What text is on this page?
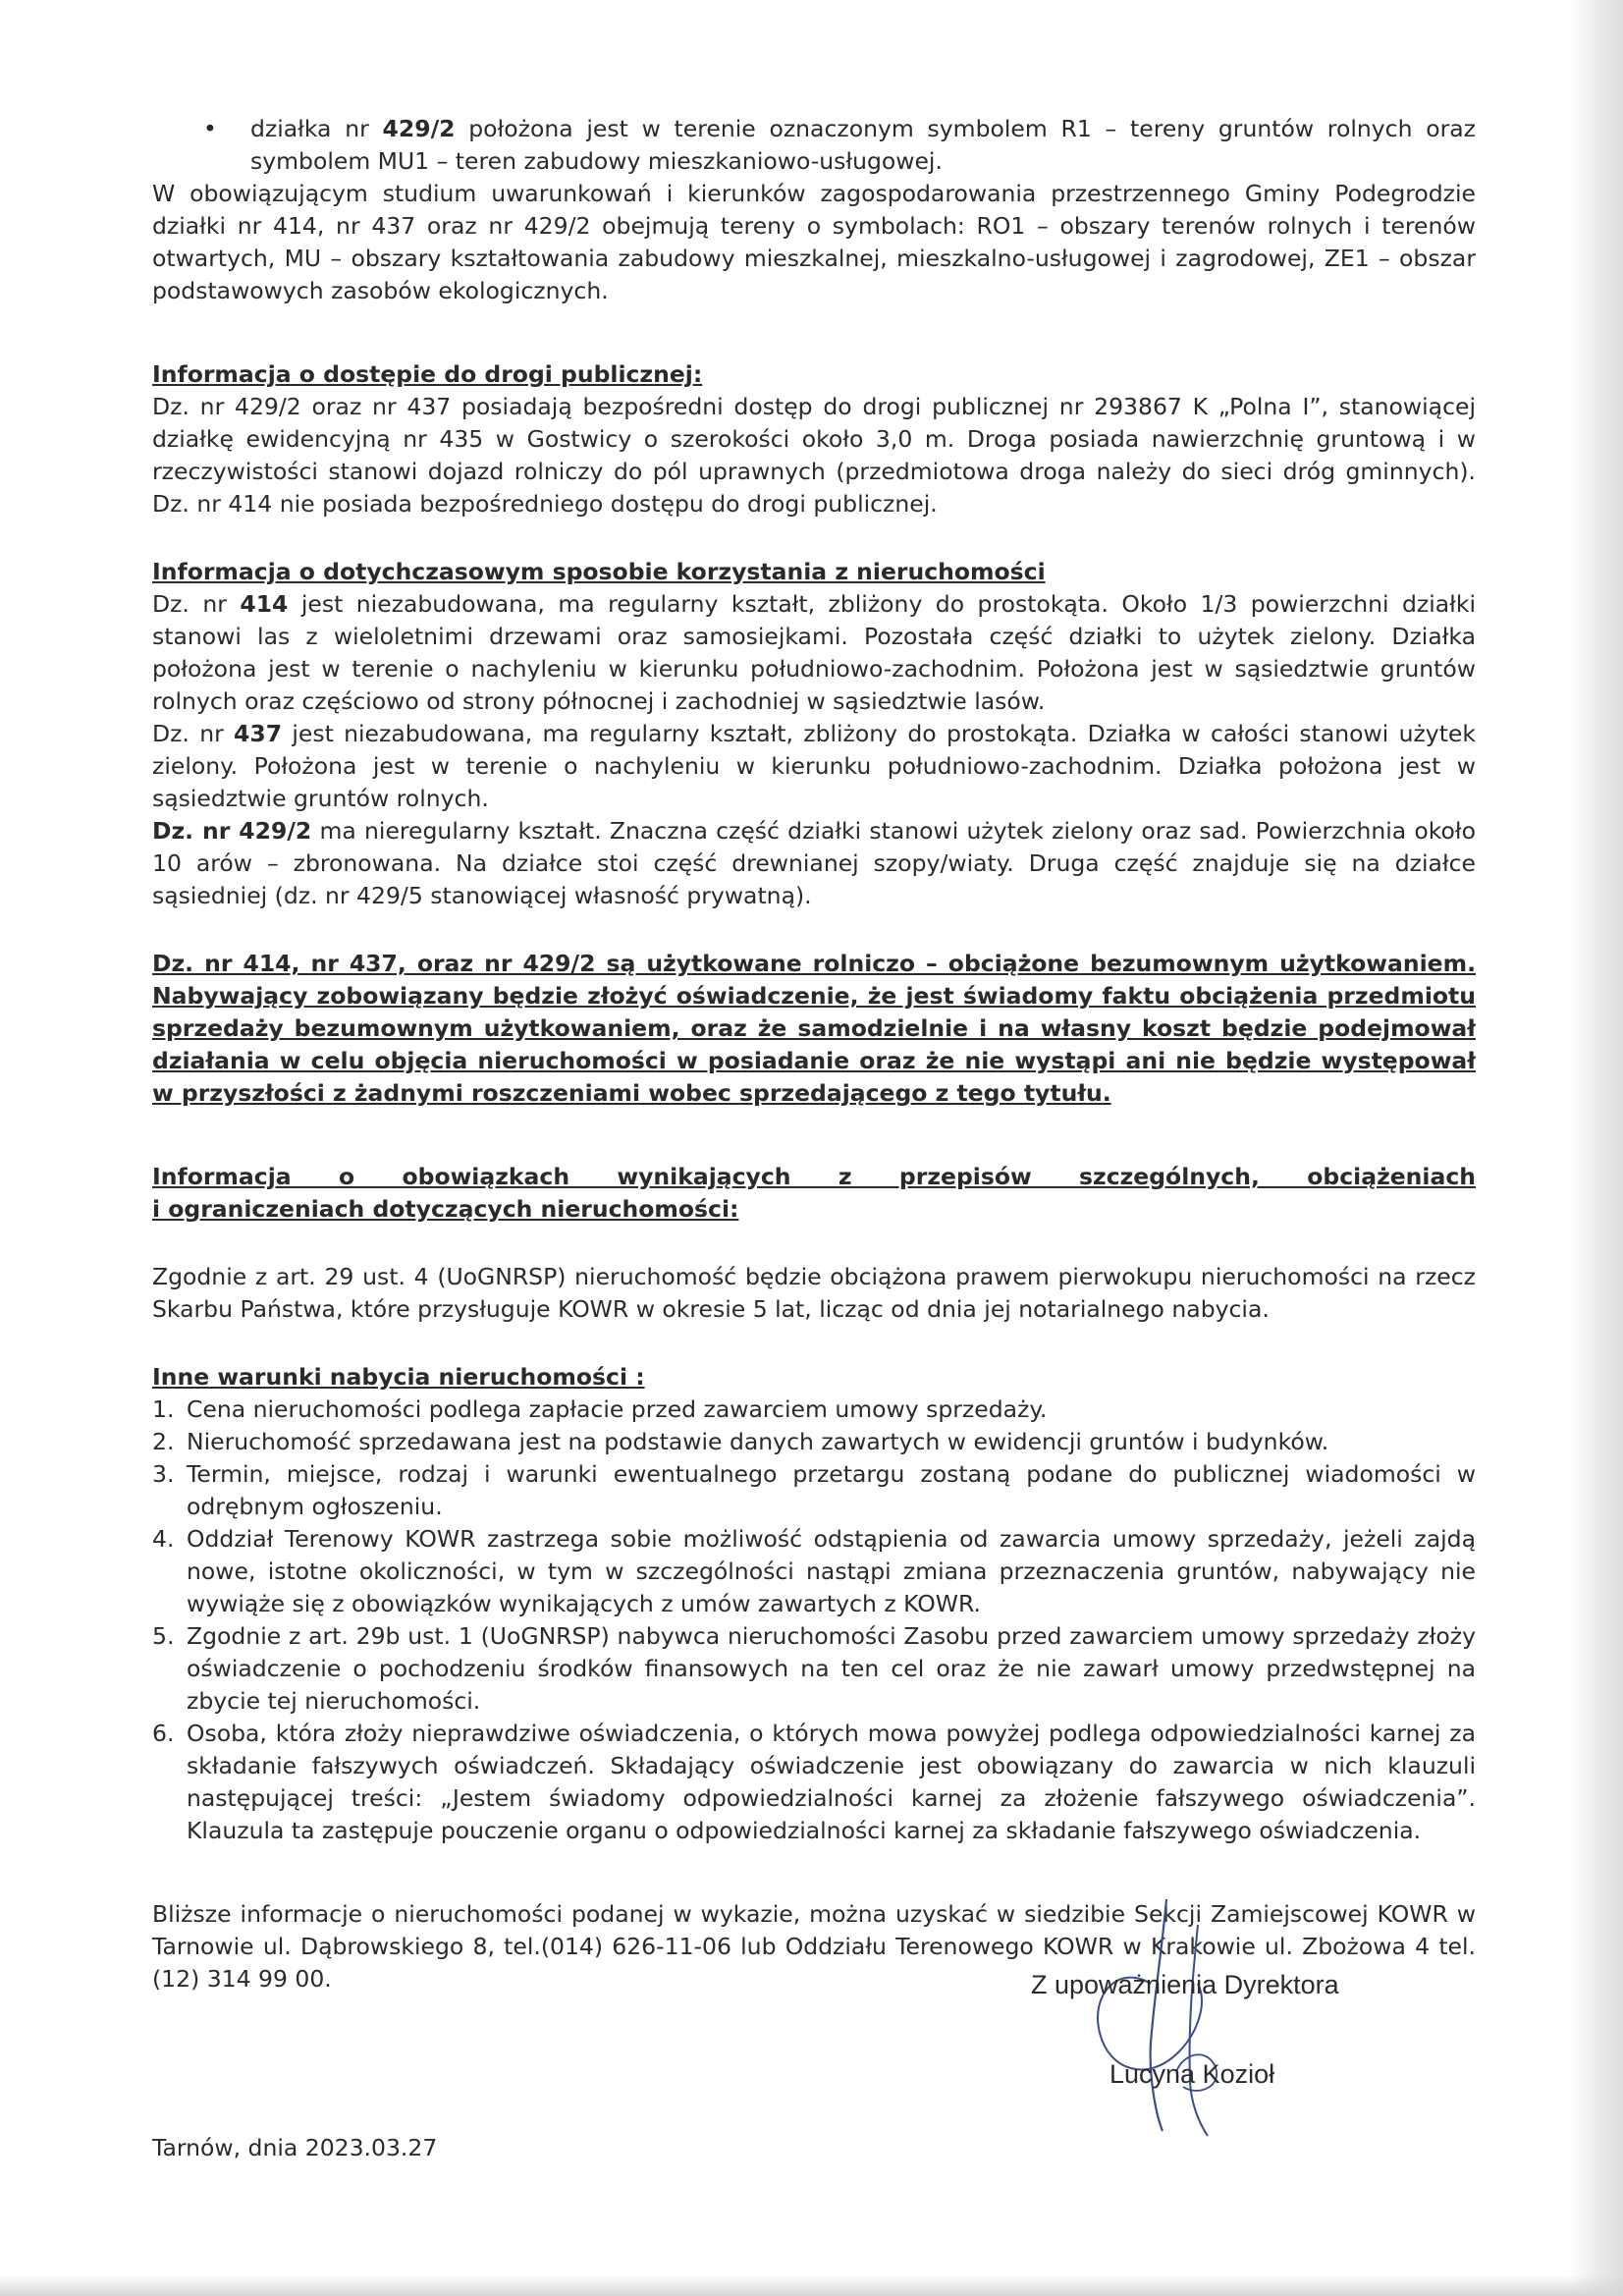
•	działka nr 429/2 położona jest w terenie oznaczonym symbolem R1 – tereny gruntów rolnych oraz symbolem MU1 – teren zabudowy mieszkaniowo-usługowej.

W obowiązującym studium uwarunkowań i kierunków zagospodarowania przestrzennego Gminy Podegrodzie działki nr 414, nr 437 oraz nr 429/2 obejmują tereny o symbolach: RO1 – obszary terenów rolnych i terenów otwartych, MU – obszary kształtowania zabudowy mieszkalnej, mieszkalno-usługowej i zagrodowej, ZE1 – obszar podstawowych zasobów ekologicznych.

Informacja o dostępie do drogi publicznej:

Dz. nr 429/2 oraz nr 437 posiadają bezpośredni dostęp do drogi publicznej nr 293867 K „Polna I”, stanowiącej działkę ewidencyjną nr 435 w Gostwicy o szerokości około 3,0 m. Droga posiada nawierzchnię gruntową i w rzeczywistości stanowi dojazd rolniczy do pól uprawnych (przedmiotowa droga należy do sieci dróg gminnych). Dz. nr 414 nie posiada bezpośredniego dostępu do drogi publicznej.

Informacja o dotychczasowym sposobie korzystania z nieruchomości

Dz. nr 414 jest niezabudowana, ma regularny kształt, zbliżony do prostokąta. Około 1/3 powierzchni działki stanowi las z wieloletnimi drzewami oraz samosiejkami. Pozostała część działki to użytek zielony. Działka położona jest w terenie o nachyleniu w kierunku południowo-zachodnim. Położona jest w sąsiedztwie gruntów rolnych oraz częściowo od strony północnej i zachodniej w sąsiedztwie lasów.

Dz. nr 437 jest niezabudowana, ma regularny kształt, zbliżony do prostokąta. Działka w całości stanowi użytek zielony. Położona jest w terenie o nachyleniu w kierunku południowo-zachodnim. Działka położona jest w sąsiedztwie gruntów rolnych.

Dz. nr 429/2 ma nieregularny kształt. Znaczna część działki stanowi użytek zielony oraz sad. Powierzchnia około 10 arów – zbronowana. Na działce stoi część drewnianej szopy/wiaty. Druga część znajduje się na działce sąsiedniej (dz. nr 429/5 stanowiącej własność prywatną).

Dz. nr 414, nr 437, oraz nr 429/2 są użytkowane rolniczo – obciążone bezumownym użytkowaniem. Nabywający zobowiązany będzie złożyć oświadczenie, że jest świadomy faktu obciążenia przedmiotu sprzedaży bezumownym użytkowaniem, oraz że samodzielnie i na własny koszt będzie podejmował działania w celu objęcia nieruchomości w posiadanie oraz że nie wystąpi ani nie będzie występował w przyszłości z żadnymi roszczeniami wobec sprzedającego z tego tytułu.

Informacja o obowiązkach wynikających z przepisów szczególnych, obciążeniach

i ograniczeniach dotyczących nieruchomości:

Zgodnie z art. 29 ust. 4 (UoGNRSP) nieruchomość będzie obciążona prawem pierwokupu nieruchomości na rzecz Skarbu Państwa, które przysługuje KOWR w okresie 5 lat, licząc od dnia jej notarialnego nabycia.

Inne warunki nabycia nieruchomości :

1. Cena nieruchomości podlega zapłacie przed zawarciem umowy sprzedaży.
2. Nieruchomość sprzedawana jest na podstawie danych zawartych w ewidencji gruntów i budynków.
3. Termin, miejsce, rodzaj i warunki ewentualnego przetargu zostaną podane do publicznej wiadomości w odrębnym ogłoszeniu.
4. Oddział Terenowy KOWR zastrzega sobie możliwość odstąpienia od zawarcia umowy sprzedaży, jeżeli zajdą nowe, istotne okoliczności, w tym w szczególności nastąpi zmiana przeznaczenia gruntów, nabywający nie wywiąże się z obowiązków wynikających z umów zawartych z KOWR.
5. Zgodnie z art. 29b ust. 1 (UoGNRSP) nabywca nieruchomości Zasobu przed zawarciem umowy sprzedaży złoży oświadczenie o pochodzeniu środków finansowych na ten cel oraz że nie zawarł umowy przedwstępnej na zbycie tej nieruchomości.
6. Osoba, która złoży nieprawdziwe oświadczenia, o których mowa powyżej podlega odpowiedzialności karnej za składanie fałszywych oświadczeń. Składający oświadczenie jest obowiązany do zawarcia w nich klauzuli następującej treści: „Jestem świadomy odpowiedzialności karnej za złożenie fałszywego oświadczenia”. Klauzula ta zastępuje pouczenie organu o odpowiedzialności karnej za składanie fałszywego oświadczenia.

Bliższe informacje o nieruchomości podanej w wykazie, można uzyskać w siedzibie Sekcji Zamiejscowej KOWR w Tarnowie ul. Dąbrowskiego 8, tel.(014) 626-11-06 lub Oddziału Terenowego KOWR w Krakowie ul. Zbożowa 4 tel. (12) 314 99 00.	Z upoważnienia Dyrektora
Lucyna Kozioł
Tarnów, dnia 2023.03.27
